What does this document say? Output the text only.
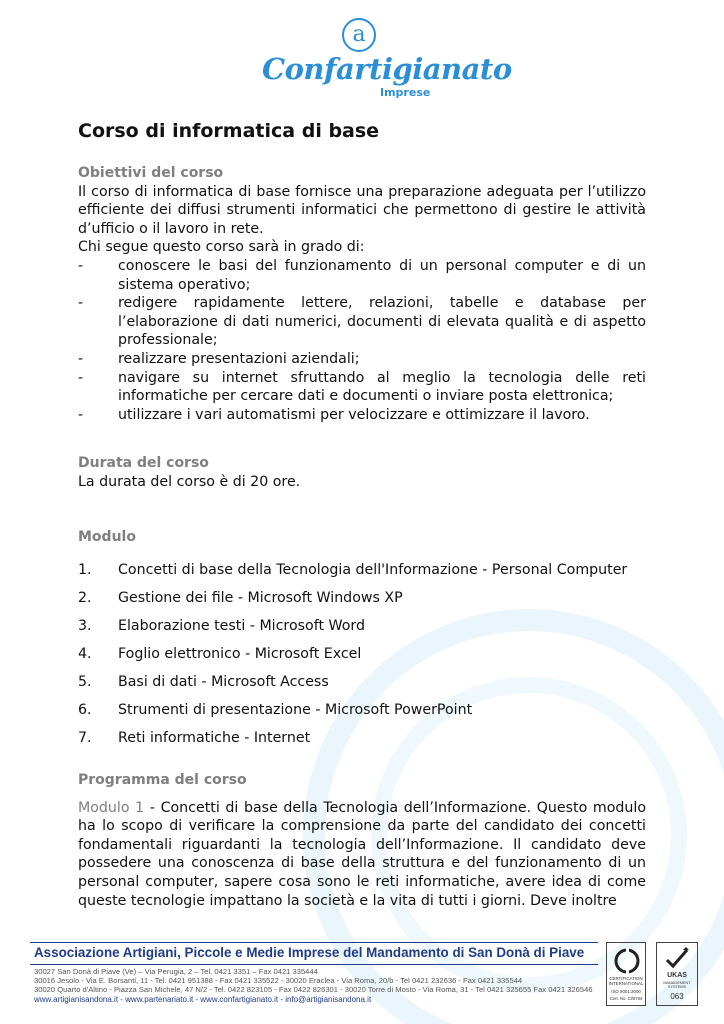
a
Confartigianato
Imprese
Corso di informatica di base
Obiettivi del corso
Il corso di informatica di base fornisce una preparazione adeguata per l’utilizzo efficiente dei diffusi strumenti informatici che permettono di gestire le attività d’ufficio o il lavoro in rete.
Chi segue questo corso sarà in grado di:
-	conoscere le basi del funzionamento di un personal computer e di un sistema operativo;
-	redigere rapidamente lettere, relazioni, tabelle e database per l’elaborazione di dati numerici, documenti di elevata qualità e di aspetto professionale;
-	realizzare presentazioni aziendali;
-	navigare su internet sfruttando al meglio la tecnologia delle reti informatiche per cercare dati e documenti o inviare posta elettronica;
-	utilizzare i vari automatismi per velocizzare e ottimizzare il lavoro.
Durata del corso
La durata del corso è di 20 ore.
Modulo
1.	Concetti di base della Tecnologia dell'Informazione - Personal Computer
2.	Gestione dei file - Microsoft Windows XP
3.	Elaborazione testi - Microsoft Word
4.	Foglio elettronico - Microsoft Excel
5.	Basi di dati - Microsoft Access
6.	Strumenti di presentazione - Microsoft PowerPoint
7.	Reti informatiche - Internet
Programma del corso
Modulo 1 - Concetti di base della Tecnologia dell’Informazione. Questo modulo ha lo scopo di verificare la comprensione da parte del candidato dei concetti fondamentali riguardanti la tecnologia dell’Informazione. Il candidato deve possedere una conoscenza di base della struttura e del funzionamento di un personal computer, sapere cosa sono le reti informatiche, avere idea di come queste tecnologie impattano la società e la vita di tutti i giorni. Deve inoltre
Associazione Artigiani, Piccole e Medie Imprese del Mandamento di San Donà di Piave
30027 San Donà di Piave (Ve) – Via Perugia, 2 – Tel. 0421 3351 – Fax 0421 335444
30016 Jesolo - Via E. Borsanti, 11 - Tel. 0421 951388 - Fax 0421 335522 - 30020 Eraclea - Via Roma, 20/b - Tel 0421 232636 - Fax 0421 335544
30020 Quarto d'Altino - Piazza San Michele, 47 N/2 - Tel. 0422 823105 - Fax 0422 826301 - 30020 Torre di Mosto - Via Roma, 31 - Tel 0421 325655 Fax 0421 326546
www.artigianisandona.it - www.partenariato.it - www.confartigianato.it - info@artigianisandona.it
CERTIFICATION INTERNATIONAL
ISO 9001:2000
Cert. No. CI/8794
UKAS
MANAGEMENT SYSTEMS
063
